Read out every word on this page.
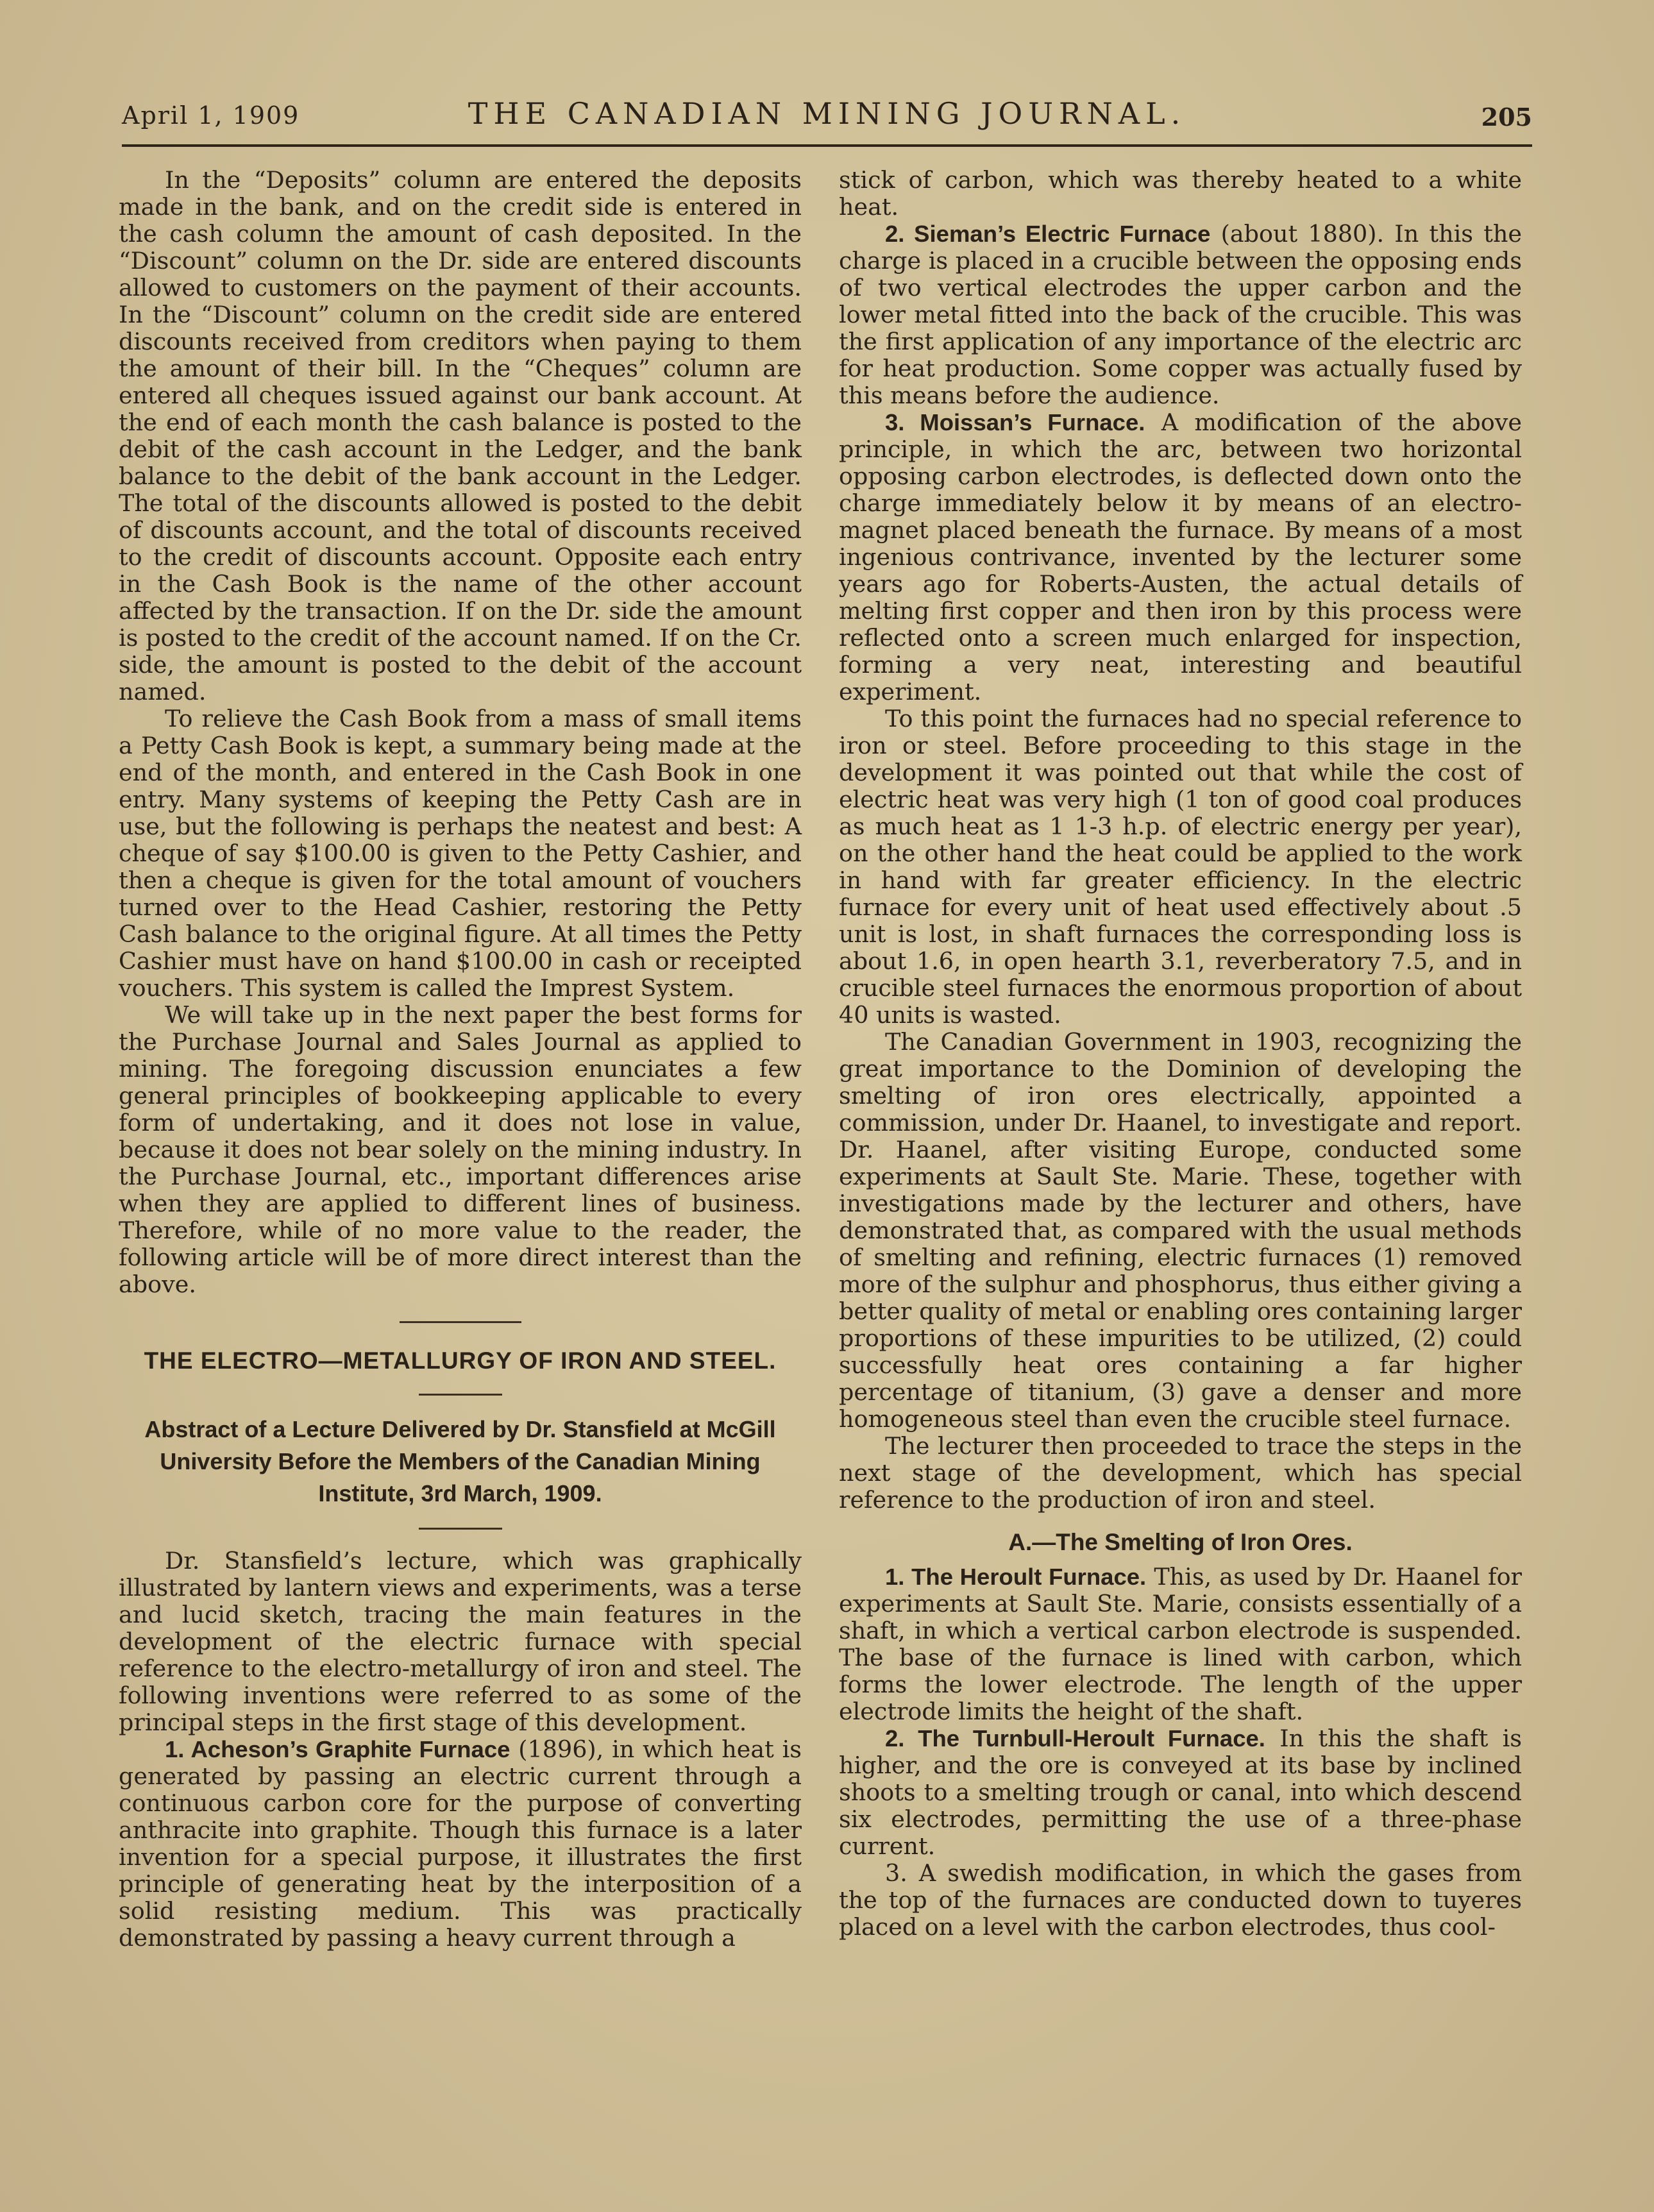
April 1, 1909	THE CANADIAN MINING JOURNAL.	205

In the “Deposits” column are entered the deposits made in the bank, and on the credit side is entered in the cash column the amount of cash deposited. In the “Discount” column on the Dr. side are entered discounts allowed to customers on the payment of their accounts. In the “Discount” column on the credit side are entered discounts received from creditors when paying to them the amount of their bill. In the “Cheques” column are entered all cheques issued against our bank account. At the end of each month the cash balance is posted to the debit of the cash account in the Ledger, and the bank balance to the debit of the bank account in the Ledger. The total of the discounts allowed is posted to the debit of discounts account, and the total of discounts received to the credit of discounts account. Opposite each entry in the Cash Book is the name of the other account affected by the transaction. If on the Dr. side the amount is posted to the credit of the account named. If on the Cr. side, the amount is posted to the debit of the account named.

To relieve the Cash Book from a mass of small items a Petty Cash Book is kept, a summary being made at the end of the month, and entered in the Cash Book in one entry. Many systems of keeping the Petty Cash are in use, but the following is perhaps the neatest and best: A cheque of say $100.00 is given to the Petty Cashier, and then a cheque is given for the total amount of vouchers turned over to the Head Cashier, restoring the Petty Cash balance to the original figure. At all times the Petty Cashier must have on hand $100.00 in cash or receipted vouchers. This system is called the Imprest System.

We will take up in the next paper the best forms for the Purchase Journal and Sales Journal as applied to mining. The foregoing discussion enunciates a few general principles of bookkeeping applicable to every form of undertaking, and it does not lose in value, because it does not bear solely on the mining industry. In the Purchase Journal, etc., important differences arise when they are applied to different lines of business. Therefore, while of no more value to the reader, the following article will be of more direct interest than the above.

THE ELECTRO—METALLURGY OF IRON AND STEEL.
Abstract of a Lecture Delivered by Dr. Stansfield at McGill University Before the Members of the Canadian Mining Institute, 3rd March, 1909.

Dr. Stansfield’s lecture, which was graphically illustrated by lantern views and experiments, was a terse and lucid sketch, tracing the main features in the development of the electric furnace with special reference to the electro-metallurgy of iron and steel. The following inventions were referred to as some of the principal steps in the first stage of this development.

1. Acheson’s Graphite Furnace (1896), in which heat is generated by passing an electric current through a continuous carbon core for the purpose of converting anthracite into graphite. Though this furnace is a later invention for a special purpose, it illustrates the first principle of generating heat by the interposition of a solid resisting medium. This was practically demonstrated by passing a heavy current through a

stick of carbon, which was thereby heated to a white heat.

2. Sieman’s Electric Furnace (about 1880). In this the charge is placed in a crucible between the opposing ends of two vertical electrodes the upper carbon and the lower metal fitted into the back of the crucible. This was the first application of any importance of the electric arc for heat production. Some copper was actually fused by this means before the audience.

3. Moissan’s Furnace. A modification of the above principle, in which the arc, between two horizontal opposing carbon electrodes, is deflected down onto the charge immediately below it by means of an electro-magnet placed beneath the furnace. By means of a most ingenious contrivance, invented by the lecturer some years ago for Roberts-Austen, the actual details of melting first copper and then iron by this process were reflected onto a screen much enlarged for inspection, forming a very neat, interesting and beautiful experiment.

To this point the furnaces had no special reference to iron or steel. Before proceeding to this stage in the development it was pointed out that while the cost of electric heat was very high (1 ton of good coal produces as much heat as 1 1-3 h.p. of electric energy per year), on the other hand the heat could be applied to the work in hand with far greater efficiency. In the electric furnace for every unit of heat used effectively about .5 unit is lost, in shaft furnaces the corresponding loss is about 1.6, in open hearth 3.1, reverberatory 7.5, and in crucible steel furnaces the enormous proportion of about 40 units is wasted.

The Canadian Government in 1903, recognizing the great importance to the Dominion of developing the smelting of iron ores electrically, appointed a commission, under Dr. Haanel, to investigate and report. Dr. Haanel, after visiting Europe, conducted some experiments at Sault Ste. Marie. These, together with investigations made by the lecturer and others, have demonstrated that, as compared with the usual methods of smelting and refining, electric furnaces (1) removed more of the sulphur and phosphorus, thus either giving a better quality of metal or enabling ores containing larger proportions of these impurities to be utilized, (2) could successfully heat ores containing a far higher percentage of titanium, (3) gave a denser and more homogeneous steel than even the crucible steel furnace.

The lecturer then proceeded to trace the steps in the next stage of the development, which has special reference to the production of iron and steel.

A.—The Smelting of Iron Ores.

1. The Heroult Furnace. This, as used by Dr. Haanel for experiments at Sault Ste. Marie, consists essentially of a shaft, in which a vertical carbon electrode is suspended. The base of the furnace is lined with carbon, which forms the lower electrode. The length of the upper electrode limits the height of the shaft.

2. The Turnbull-Heroult Furnace. In this the shaft is higher, and the ore is conveyed at its base by inclined shoots to a smelting trough or canal, into which descend six electrodes, permitting the use of a three-phase current.

3. A swedish modification, in which the gases from the top of the furnaces are conducted down to tuyeres placed on a level with the carbon electrodes, thus cool-
